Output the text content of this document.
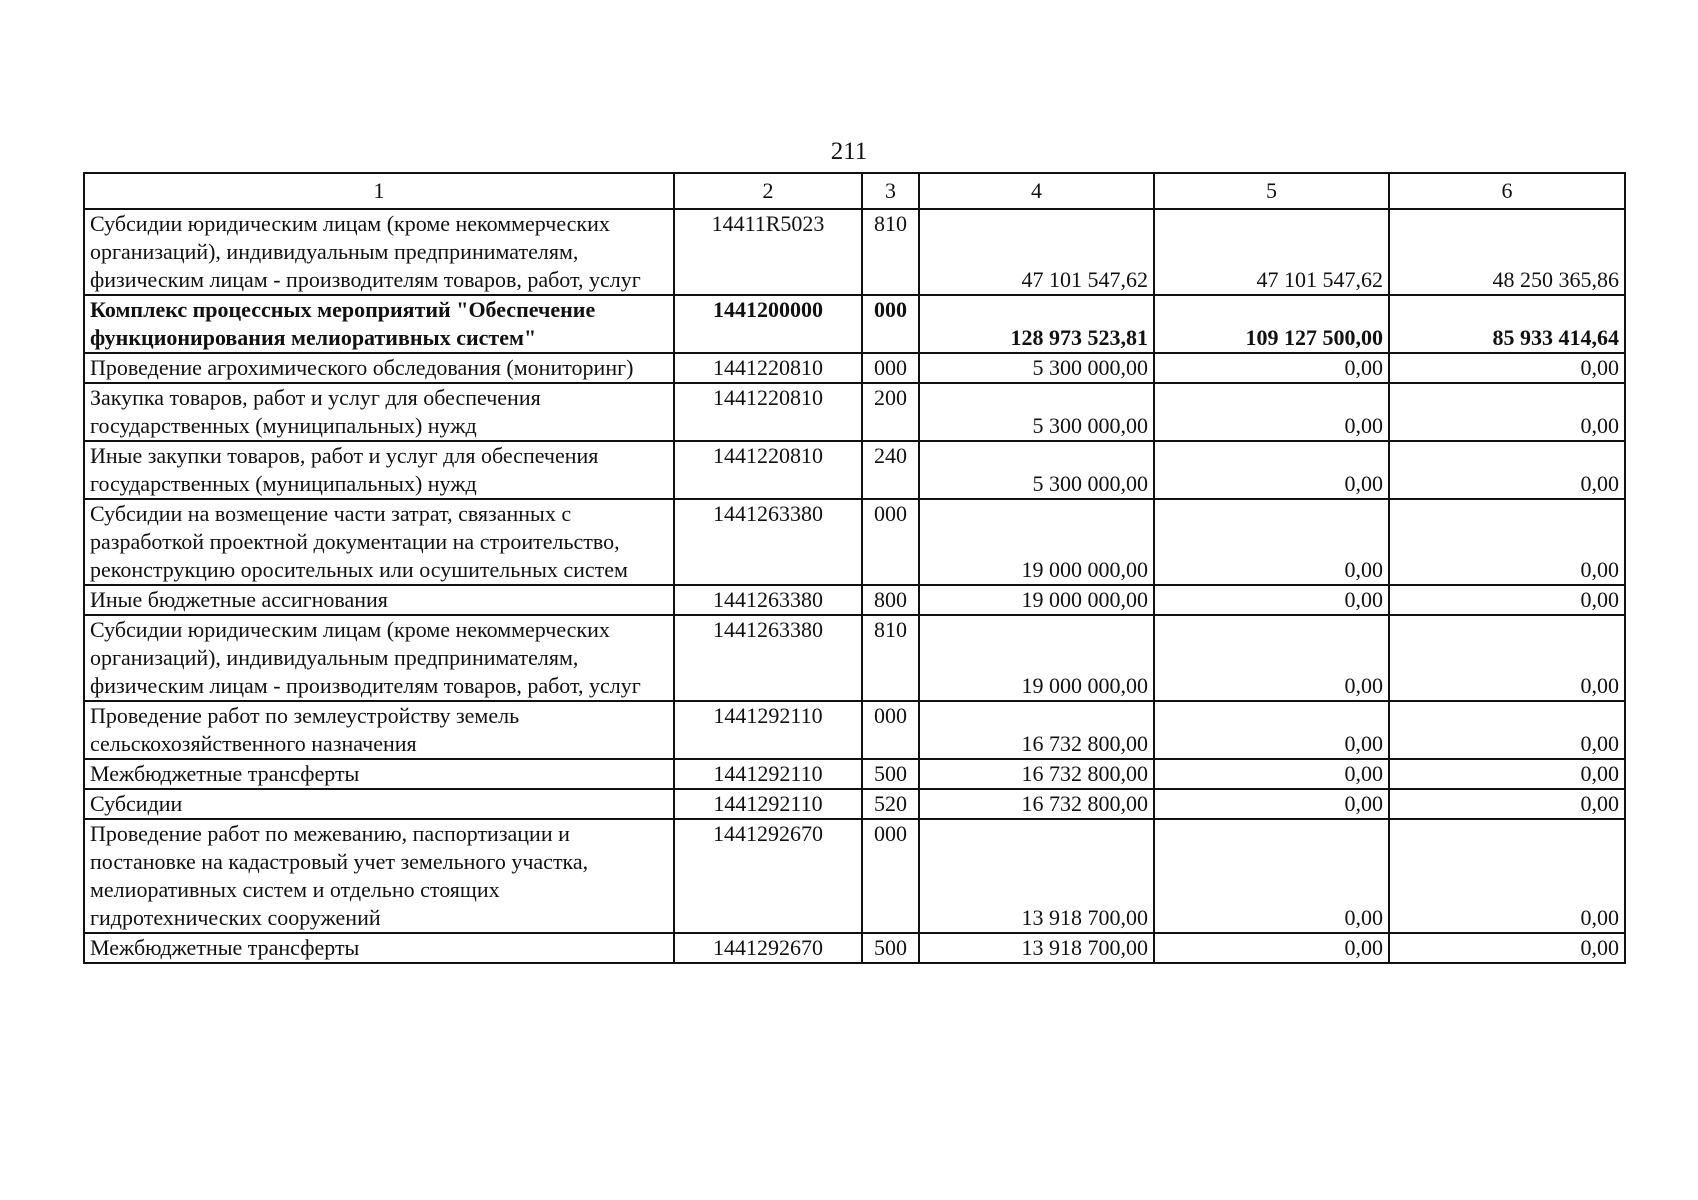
211
1	2	3	4	5	6
Субсидии юридическим лицам (кроме некоммерческих организаций), индивидуальным предпринимателям, физическим лицам - производителям товаров, работ, услуг	14411R5023	810	47 101 547,62	47 101 547,62	48 250 365,86
Комплекс процессных мероприятий "Обеспечение функционирования мелиоративных систем"	1441200000	000	128 973 523,81	109 127 500,00	85 933 414,64
Проведение агрохимического обследования (мониторинг)	1441220810	000	5 300 000,00	0,00	0,00
Закупка товаров, работ и услуг для обеспечения государственных (муниципальных) нужд	1441220810	200	5 300 000,00	0,00	0,00
Иные закупки товаров, работ и услуг для обеспечения государственных (муниципальных) нужд	1441220810	240	5 300 000,00	0,00	0,00
Субсидии на возмещение части затрат, связанных с разработкой проектной документации на строительство, реконструкцию оросительных или осушительных систем	1441263380	000	19 000 000,00	0,00	0,00
Иные бюджетные ассигнования	1441263380	800	19 000 000,00	0,00	0,00
Субсидии юридическим лицам (кроме некоммерческих организаций), индивидуальным предпринимателям, физическим лицам - производителям товаров, работ, услуг	1441263380	810	19 000 000,00	0,00	0,00
Проведение работ по землеустройству земель сельскохозяйственного назначения	1441292110	000	16 732 800,00	0,00	0,00
Межбюджетные трансферты	1441292110	500	16 732 800,00	0,00	0,00
Субсидии	1441292110	520	16 732 800,00	0,00	0,00
Проведение работ по межеванию, паспортизации и постановке на кадастровый учет земельного участка, мелиоративных систем и отдельно стоящих гидротехнических сооружений	1441292670	000	13 918 700,00	0,00	0,00
Межбюджетные трансферты	1441292670	500	13 918 700,00	0,00	0,00
